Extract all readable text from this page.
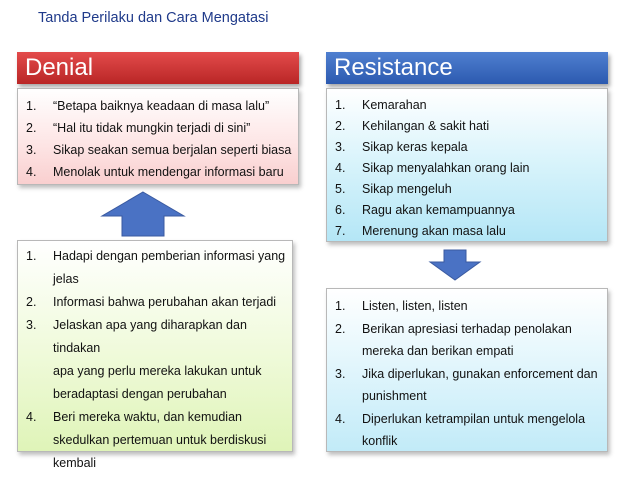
Tanda Perilaku dan Cara Mengatasi
Denial	Resistance
1.	“Betapa baiknya keadaan di masa lalu”
2.	“Hal itu tidak mungkin terjadi di sini”
3.	Sikap seakan semua berjalan seperti biasa
4.	Menolak untuk mendengar informasi baru
1.	Kemarahan
2.	Kehilangan & sakit hati
3.	Sikap keras kepala
4.	Sikap menyalahkan orang lain
5.	Sikap mengeluh
6.	Ragu akan kemampuannya
7.	Merenung akan masa lalu
1.	Hadapi dengan pemberian informasi yang
jelas
2.	Informasi bahwa perubahan akan terjadi
3.	Jelaskan apa yang diharapkan dan tindakan
apa yang perlu mereka lakukan untuk
beradaptasi dengan perubahan
4.	Beri mereka waktu, dan kemudian
skedulkan pertemuan untuk berdiskusi
kembali
1.	Listen, listen, listen
2.	Berikan apresiasi terhadap penolakan
mereka dan berikan empati
3.	Jika diperlukan, gunakan enforcement dan
punishment
4.	Diperlukan ketrampilan untuk mengelola
konflik
